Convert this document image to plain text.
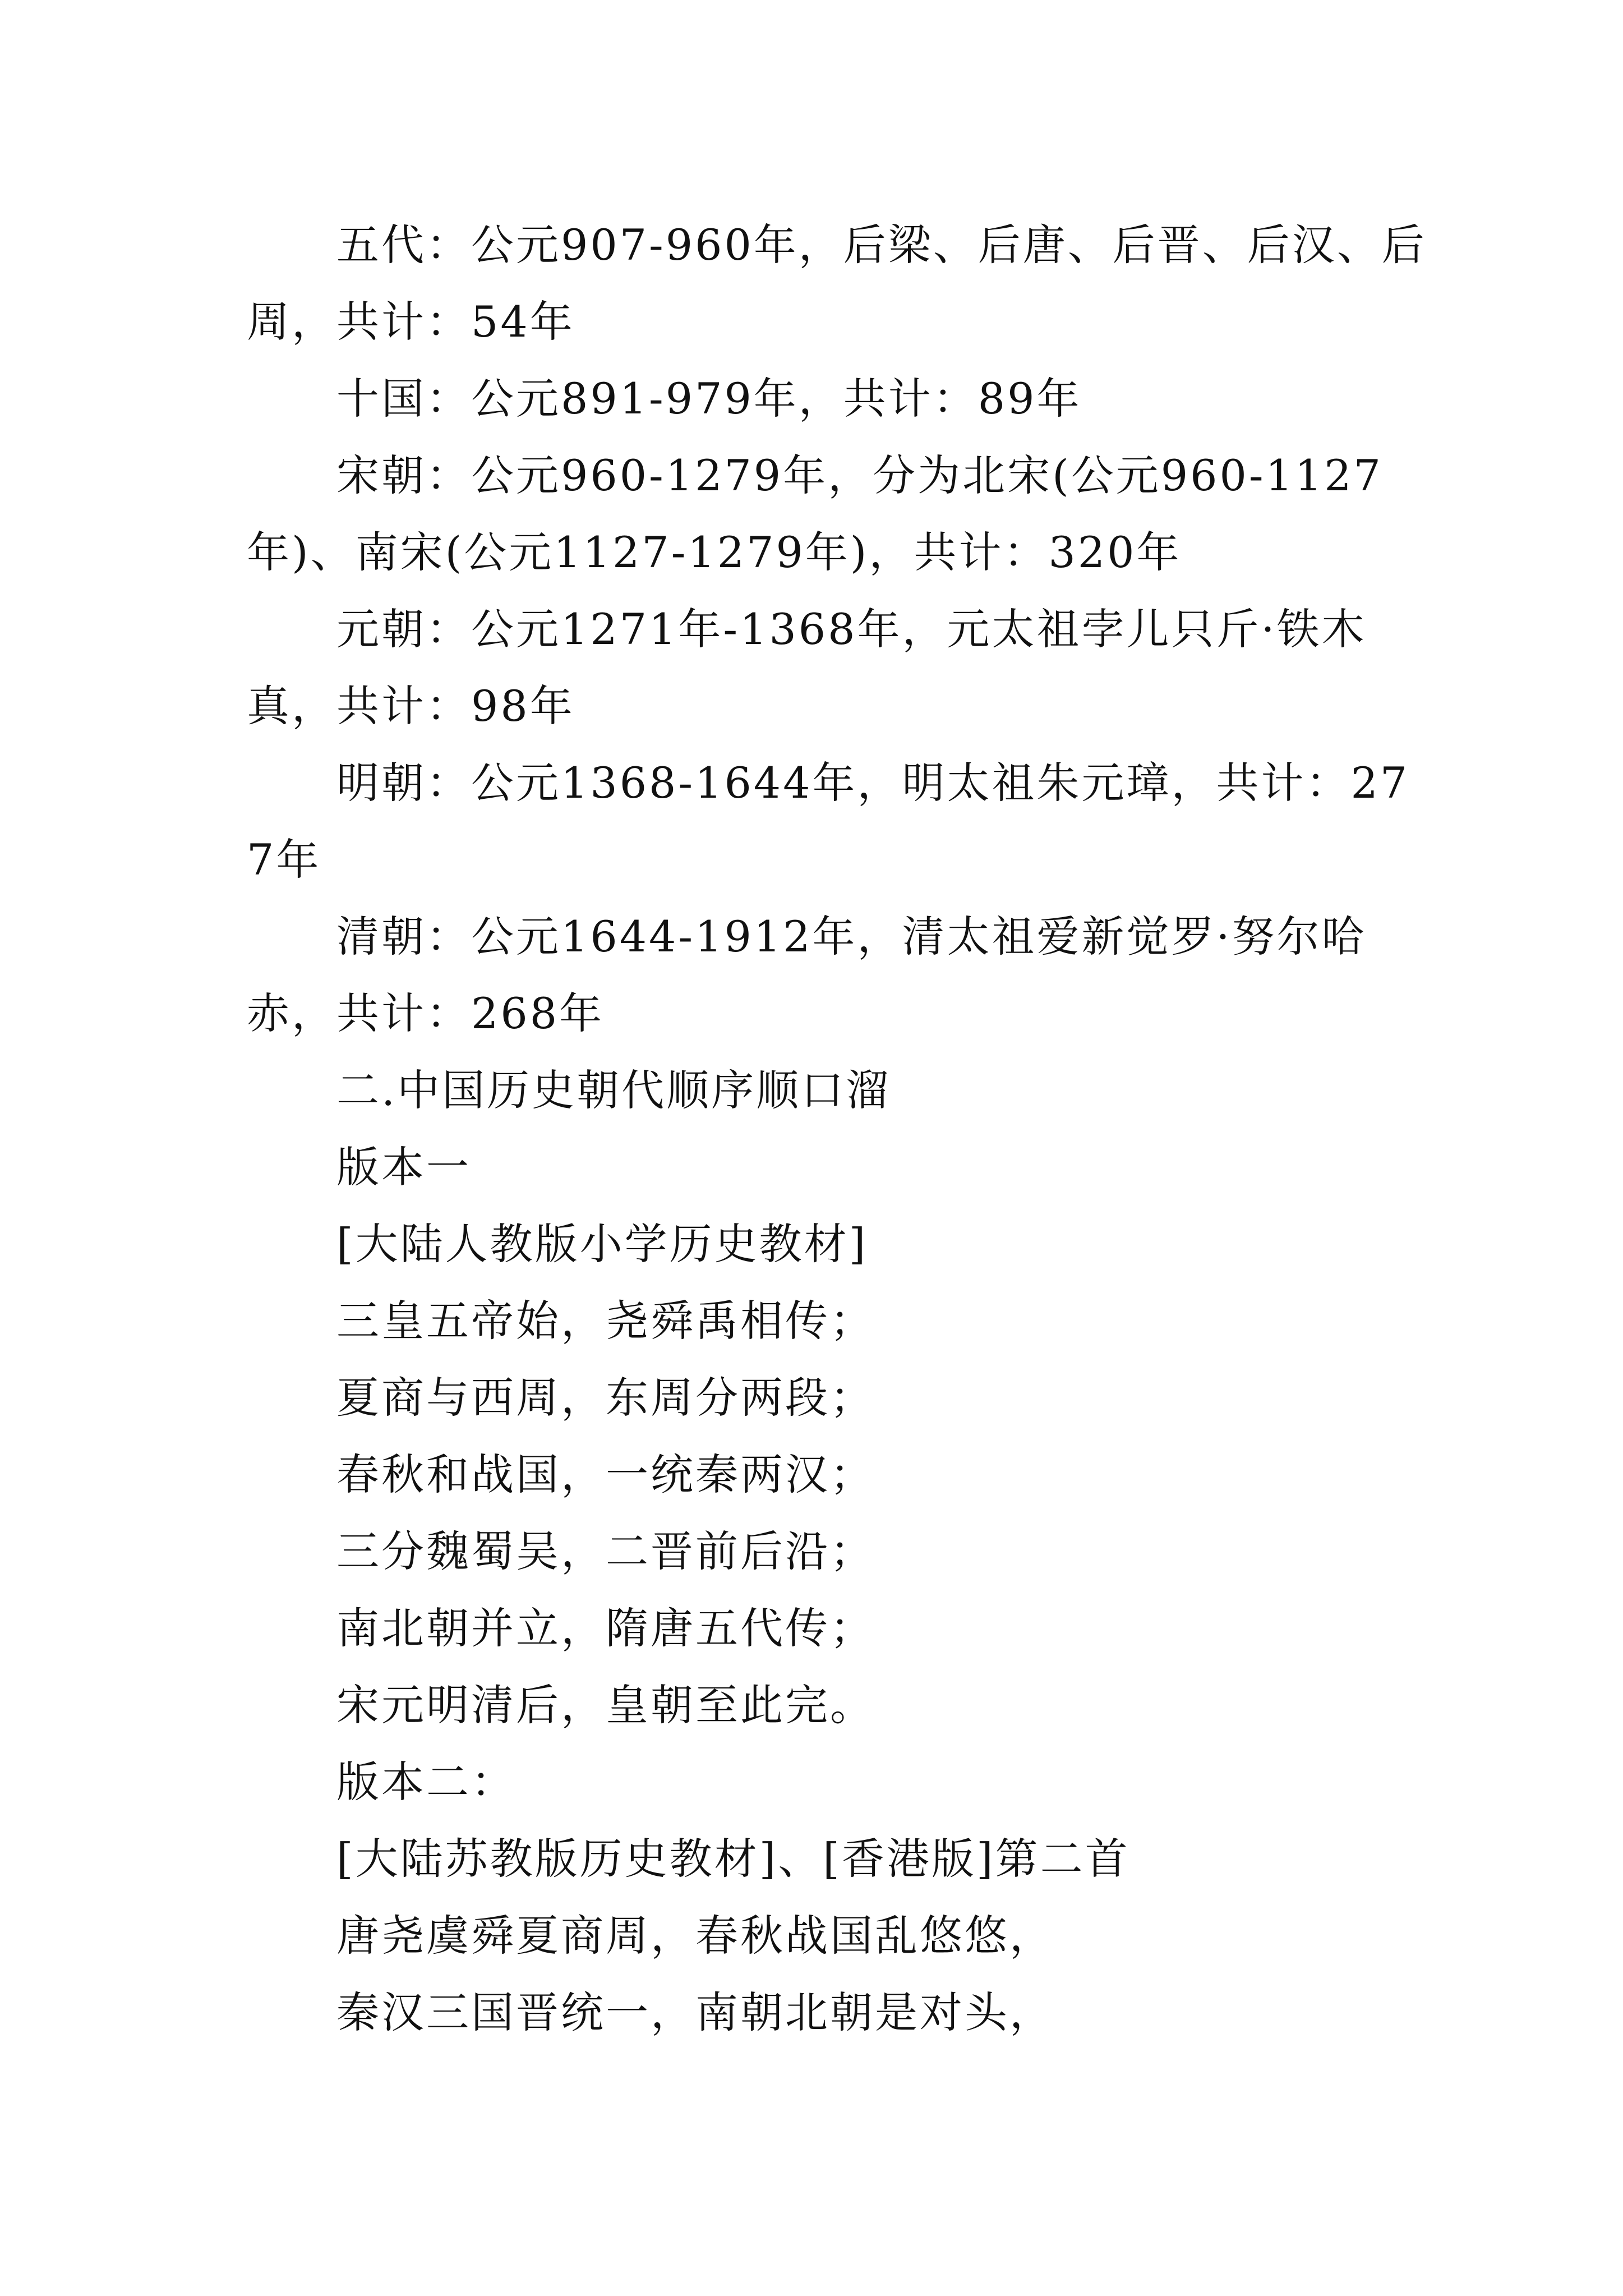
五代：公元907-960年，后梁、后唐、后晋、后汉、后周，共计：54年

十国：公元891-979年，共计：89年

宋朝：公元960-1279年，分为北宋(公元960-1127年)、南宋(公元1127-1279年)，共计：320年

元朝：公元1271年-1368年，元太祖孛儿只斤·铁木真，共计：98年

明朝：公元1368-1644年，明太祖朱元璋，共计：277年

清朝：公元1644-1912年，清太祖爱新觉罗·努尔哈赤，共计：268年

二.中国历史朝代顺序顺口溜

版本一

[大陆人教版小学历史教材]

三皇五帝始，尧舜禹相传；

夏商与西周，东周分两段；

春秋和战国，一统秦两汉；

三分魏蜀吴，二晋前后沿；

南北朝并立，隋唐五代传；

宋元明清后，皇朝至此完。

版本二：

[大陆苏教版历史教材]、[香港版]第二首

唐尧虞舜夏商周，春秋战国乱悠悠，

秦汉三国晋统一，南朝北朝是对头，
